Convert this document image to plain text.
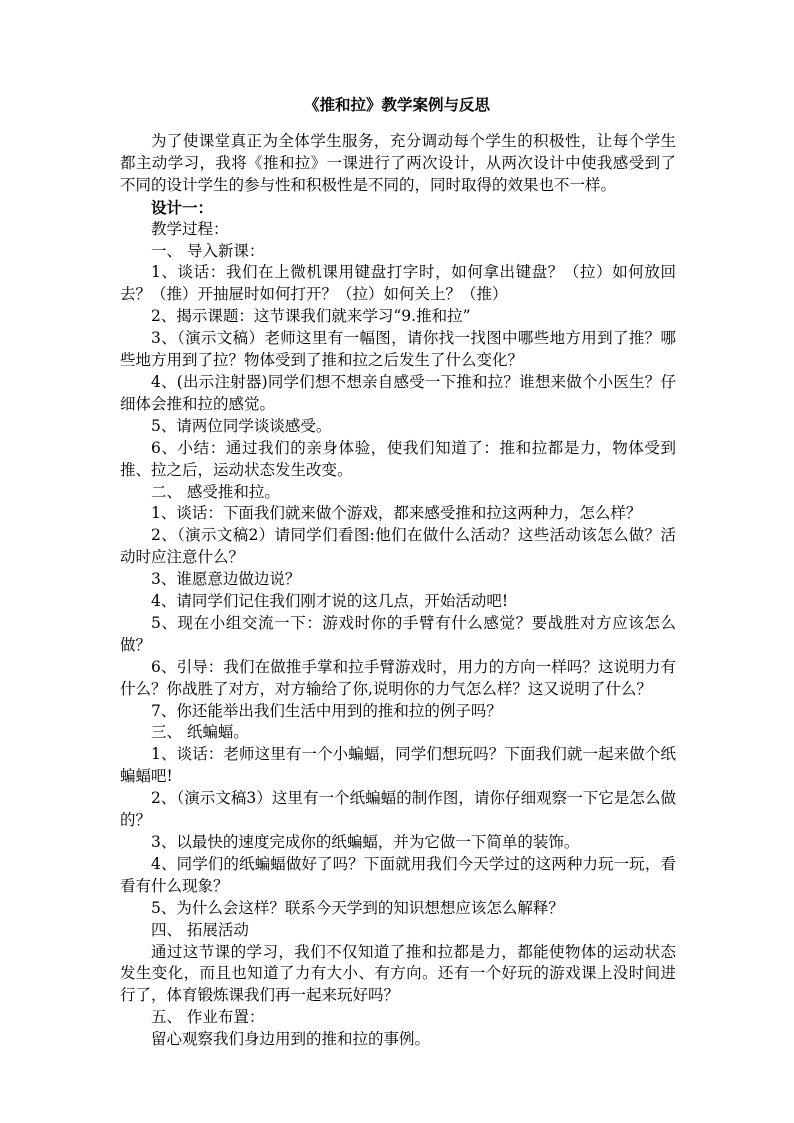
《推和拉》教学案例与反思

为了使课堂真正为全体学生服务，充分调动每个学生的积极性，让每个学生都主动学习，我将《推和拉》一课进行了两次设计，从两次设计中使我感受到了不同的设计学生的参与性和积极性是不同的，同时取得的效果也不一样。

设计一：

教学过程：

一、 导入新课：

1、谈话：我们在上微机课用键盘打字时，如何拿出键盘？（拉）如何放回去？（推）开抽屉时如何打开？（拉）如何关上？（推）

2、揭示课题：这节课我们就来学习“9.推和拉”

3、（演示文稿）老师这里有一幅图，请你找一找图中哪些地方用到了推？哪些地方用到了拉？物体受到了推和拉之后发生了什么变化？

4、(出示注射器)同学们想不想亲自感受一下推和拉？谁想来做个小医生？仔细体会推和拉的感觉。

5、请两位同学谈谈感受。

6、小结：通过我们的亲身体验，使我们知道了：推和拉都是力，物体受到推、拉之后，运动状态发生改变。

二、 感受推和拉。

1、谈话：下面我们就来做个游戏，都来感受推和拉这两种力，怎么样？

2、（演示文稿2）请同学们看图:他们在做什么活动？这些活动该怎么做？活动时应注意什么？

3、谁愿意边做边说？

4、请同学们记住我们刚才说的这几点，开始活动吧!

5、现在小组交流一下：游戏时你的手臂有什么感觉？要战胜对方应该怎么做？

6、引导：我们在做推手掌和拉手臂游戏时，用力的方向一样吗？这说明力有什么？你战胜了对方，对方输给了你,说明你的力气怎么样？这又说明了什么？

7、你还能举出我们生活中用到的推和拉的例子吗？

三、 纸蝙蝠。

1、谈话：老师这里有一个小蝙蝠，同学们想玩吗？下面我们就一起来做个纸蝙蝠吧!

2、（演示文稿3）这里有一个纸蝙蝠的制作图，请你仔细观察一下它是怎么做的？

3、以最快的速度完成你的纸蝙蝠，并为它做一下简单的装饰。

4、同学们的纸蝙蝠做好了吗？下面就用我们今天学过的这两种力玩一玩，看看有什么现象？

5、为什么会这样？联系今天学到的知识想想应该怎么解释？

四、 拓展活动

通过这节课的学习，我们不仅知道了推和拉都是力，都能使物体的运动状态发生变化，而且也知道了力有大小、有方向。还有一个好玩的游戏课上没时间进行了，体育锻炼课我们再一起来玩好吗？

五、 作业布置：

留心观察我们身边用到的推和拉的事例。
